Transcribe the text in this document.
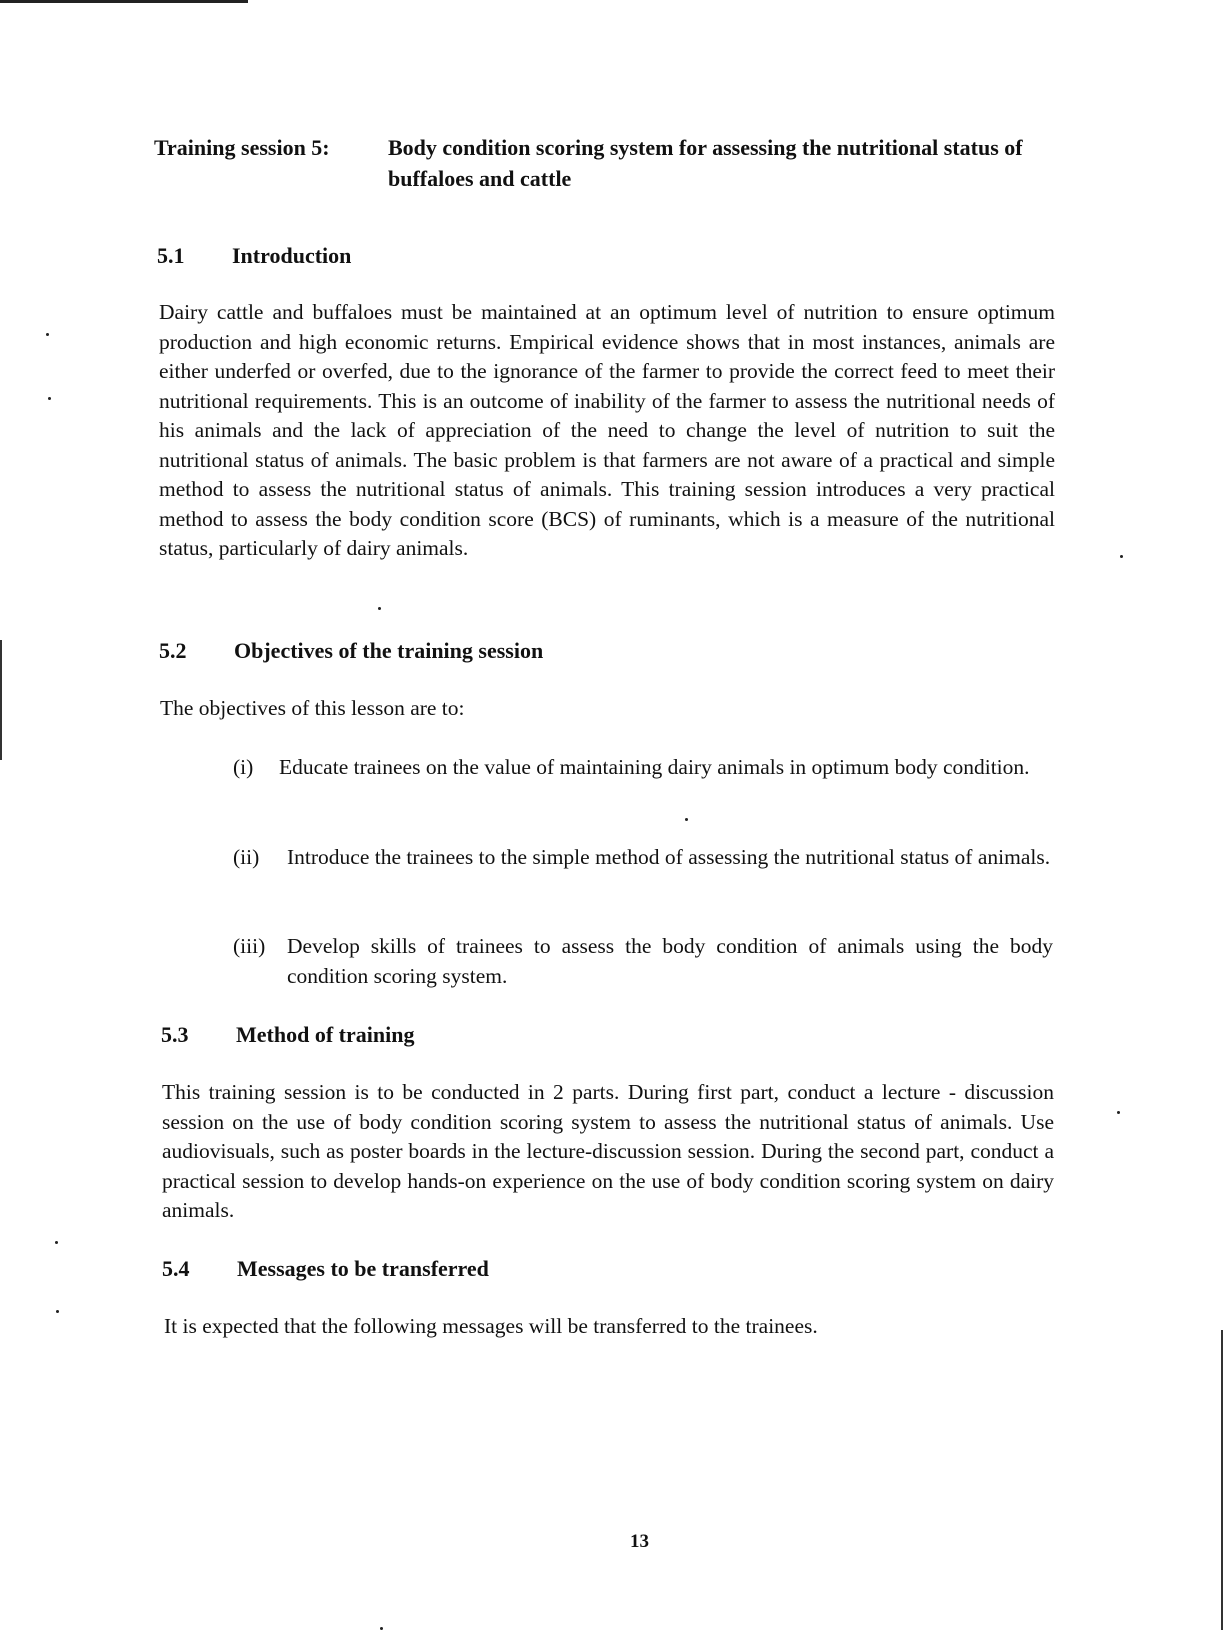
Training session 5:	Body condition scoring system for assessing the nutritional status of buffaloes and cattle
5.1 Introduction
Dairy cattle and buffaloes must be maintained at an optimum level of nutrition to ensure optimum production and high economic returns. Empirical evidence shows that in most instances, animals are either underfed or overfed, due to the ignorance of the farmer to provide the correct feed to meet their nutritional requirements. This is an outcome of inability of the farmer to assess the nutritional needs of his animals and the lack of appreciation of the need to change the level of nutrition to suit the nutritional status of animals. The basic problem is that farmers are not aware of a practical and simple method to assess the nutritional status of animals. This training session introduces a very practical method to assess the body condition score (BCS) of ruminants, which is a measure of the nutritional status, particularly of dairy animals.
5.2 Objectives of the training session
The objectives of this lesson are to:
(i) Educate trainees on the value of maintaining dairy animals in optimum body condition.
(ii)	Introduce the trainees to the simple method of assessing the nutritional status of animals.
(iii) Develop skills of trainees to assess the body condition of animals using the body condition scoring system.
5.3 Method of training
This training session is to be conducted in 2 parts. During first part, conduct a lecture - discussion session on the use of body condition scoring system to assess the nutritional status of animals. Use audiovisuals, such as poster boards in the lecture-discussion session. During the second part, conduct a practical session to develop hands-on experience on the use of body condition scoring system on dairy animals.
5.4 Messages to be transferred
It is expected that the following messages will be transferred to the trainees.
13
